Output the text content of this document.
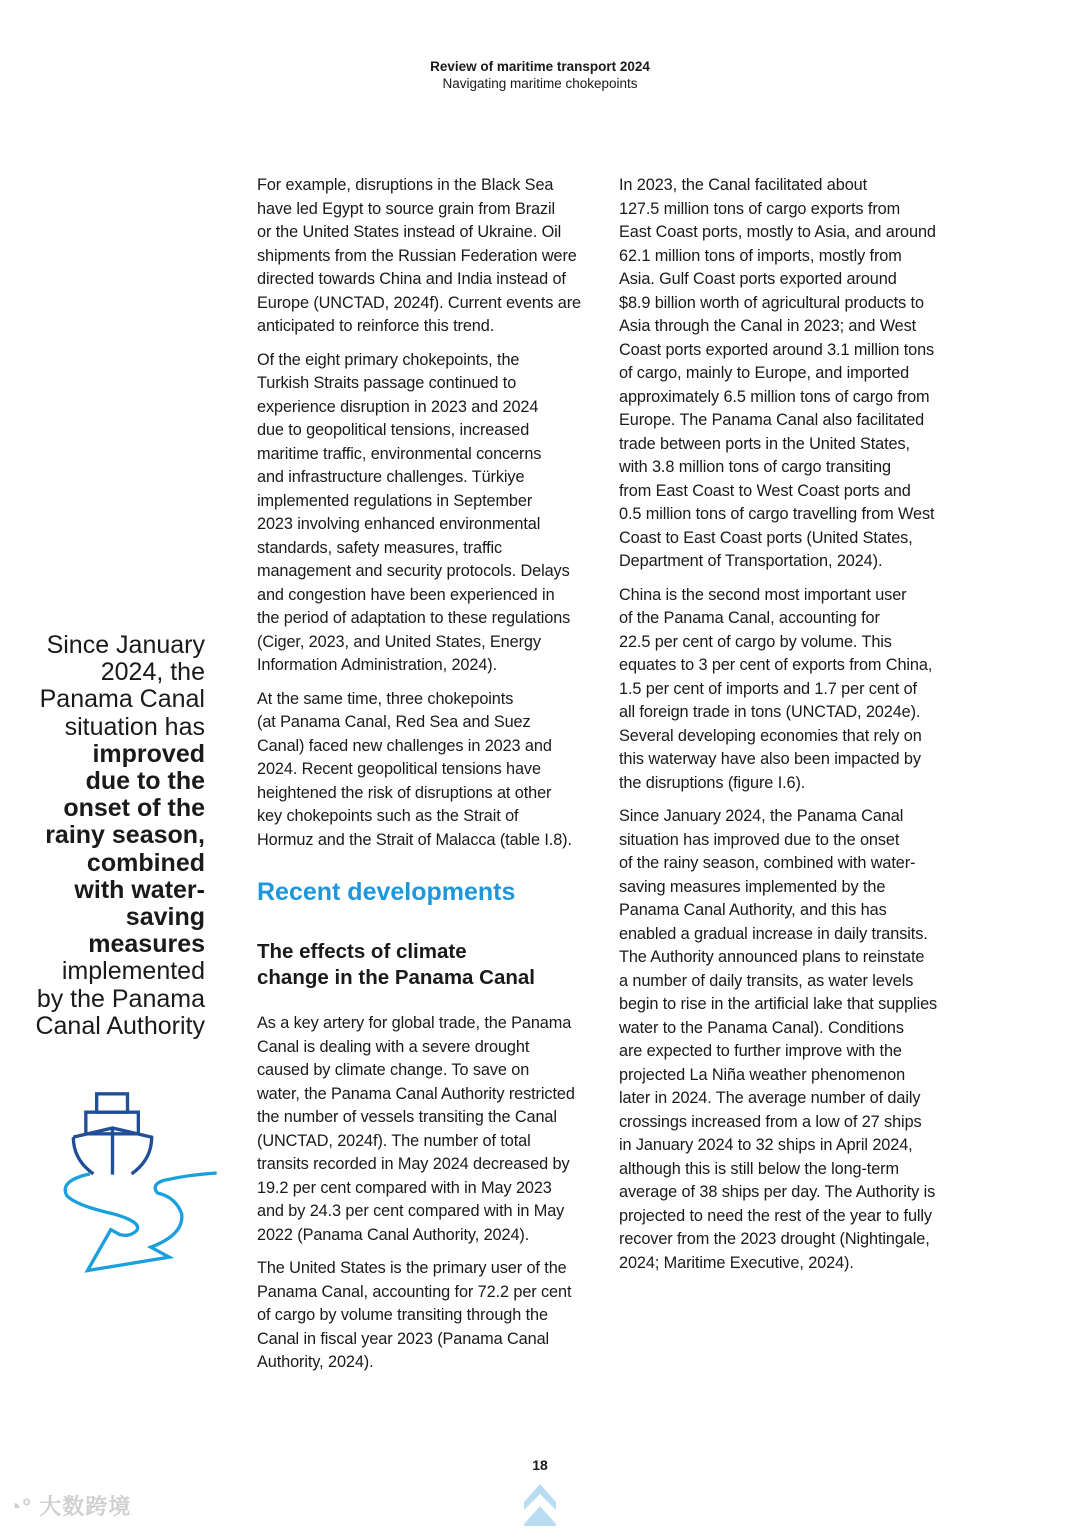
Review of maritime transport 2024
Navigating maritime chokepoints
Since January
2024, the
Panama Canal
situation has
improved
due to the
onset of the
rainy season,
combined
with water-
saving
measures
implemented
by the Panama
Canal Authority

For example, disruptions in the Black Sea
have led Egypt to source grain from Brazil
or the United States instead of Ukraine. Oil
shipments from the Russian Federation were
directed towards China and India instead of
Europe (UNCTAD, 2024f). Current events are
anticipated to reinforce this trend.

Of the eight primary chokepoints, the
Turkish Straits passage continued to
experience disruption in 2023 and 2024
due to geopolitical tensions, increased
maritime traffic, environmental concerns
and infrastructure challenges. Türkiye
implemented regulations in September
2023 involving enhanced environmental
standards, safety measures, traffic
management and security protocols. Delays
and congestion have been experienced in
the period of adaptation to these regulations
(Ciger, 2023, and United States, Energy
Information Administration, 2024).

At the same time, three chokepoints
(at Panama Canal, Red Sea and Suez
Canal) faced new challenges in 2023 and
2024. Recent geopolitical tensions have
heightened the risk of disruptions at other
key chokepoints such as the Strait of
Hormuz and the Strait of Malacca (table I.8).

Recent developments
The effects of climate
change in the Panama Canal

As a key artery for global trade, the Panama
Canal is dealing with a severe drought
caused by climate change. To save on
water, the Panama Canal Authority restricted
the number of vessels transiting the Canal
(UNCTAD, 2024f). The number of total
transits recorded in May 2024 decreased by
19.2 per cent compared with in May 2023
and by 24.3 per cent compared with in May
2022 (Panama Canal Authority, 2024).

The United States is the primary user of the
Panama Canal, accounting for 72.2 per cent
of cargo by volume transiting through the
Canal in fiscal year 2023 (Panama Canal
Authority, 2024).

In 2023, the Canal facilitated about
127.5 million tons of cargo exports from
East Coast ports, mostly to Asia, and around
62.1 million tons of imports, mostly from
Asia. Gulf Coast ports exported around
$8.9 billion worth of agricultural products to
Asia through the Canal in 2023; and West
Coast ports exported around 3.1 million tons
of cargo, mainly to Europe, and imported
approximately 6.5 million tons of cargo from
Europe. The Panama Canal also facilitated
trade between ports in the United States,
with 3.8 million tons of cargo transiting
from East Coast to West Coast ports and
0.5 million tons of cargo travelling from West
Coast to East Coast ports (United States,
Department of Transportation, 2024).

China is the second most important user
of the Panama Canal, accounting for
22.5 per cent of cargo by volume. This
equates to 3 per cent of exports from China,
1.5 per cent of imports and 1.7 per cent of
all foreign trade in tons (UNCTAD, 2024e).
Several developing economies that rely on
this waterway have also been impacted by
the disruptions (figure I.6).

Since January 2024, the Panama Canal
situation has improved due to the onset
of the rainy season, combined with water-
saving measures implemented by the
Panama Canal Authority, and this has
enabled a gradual increase in daily transits.
The Authority announced plans to reinstate
a number of daily transits, as water levels
begin to rise in the artificial lake that supplies
water to the Panama Canal). Conditions
are expected to further improve with the
projected La Niña weather phenomenon
later in 2024. The average number of daily
crossings increased from a low of 27 ships
in January 2024 to 32 ships in April 2024,
although this is still below the long-term
average of 38 ships per day. The Authority is
projected to need the rest of the year to fully
recover from the 2023 drought (Nightingale,
2024; Maritime Executive, 2024).

18
◔° 大数跨境
